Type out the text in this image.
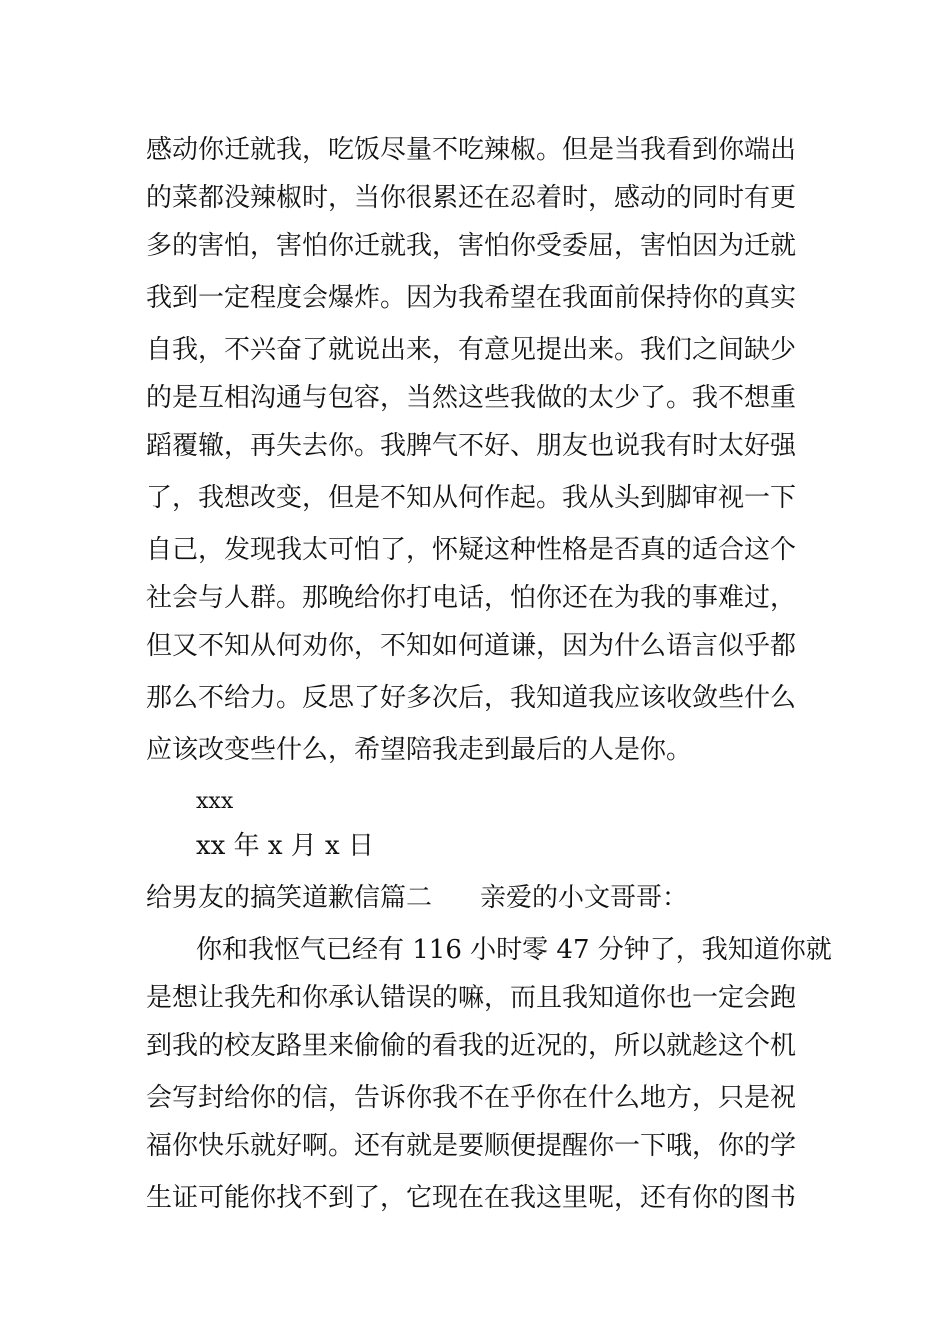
感动你迁就我，吃饭尽量不吃辣椒。但是当我看到你端出
的菜都没辣椒时，当你很累还在忍着时，感动的同时有更
多的害怕，害怕你迁就我，害怕你受委屈，害怕因为迁就
我到一定程度会爆炸。因为我希望在我面前保持你的真实
自我，不兴奋了就说出来，有意见提出来。我们之间缺少
的是互相沟通与包容，当然这些我做的太少了。我不想重
蹈覆辙，再失去你。我脾气不好、朋友也说我有时太好强
了，我想改变，但是不知从何作起。我从头到脚审视一下
自己，发现我太可怕了，怀疑这种性格是否真的适合这个
社会与人群。那晚给你打电话，怕你还在为我的事难过，
但又不知从何劝你，不知如何道谦，因为什么语言似乎都
那么不给力。反思了好多次后，我知道我应该收敛些什么
应该改变些什么，希望陪我走到最后的人是你。
xxx
xx 年 x 月 x 日
给男友的搞笑道歉信篇二 亲爱的小文哥哥：
你和我怄气已经有 116 小时零 47 分钟了，我知道你就
是想让我先和你承认错误的嘛，而且我知道你也一定会跑
到我的校友路里来偷偷的看我的近况的，所以就趁这个机
会写封给你的信，告诉你我不在乎你在什么地方，只是祝
福你快乐就好啊。还有就是要顺便提醒你一下哦，你的学
生证可能你找不到了，它现在在我这里呢，还有你的图书
